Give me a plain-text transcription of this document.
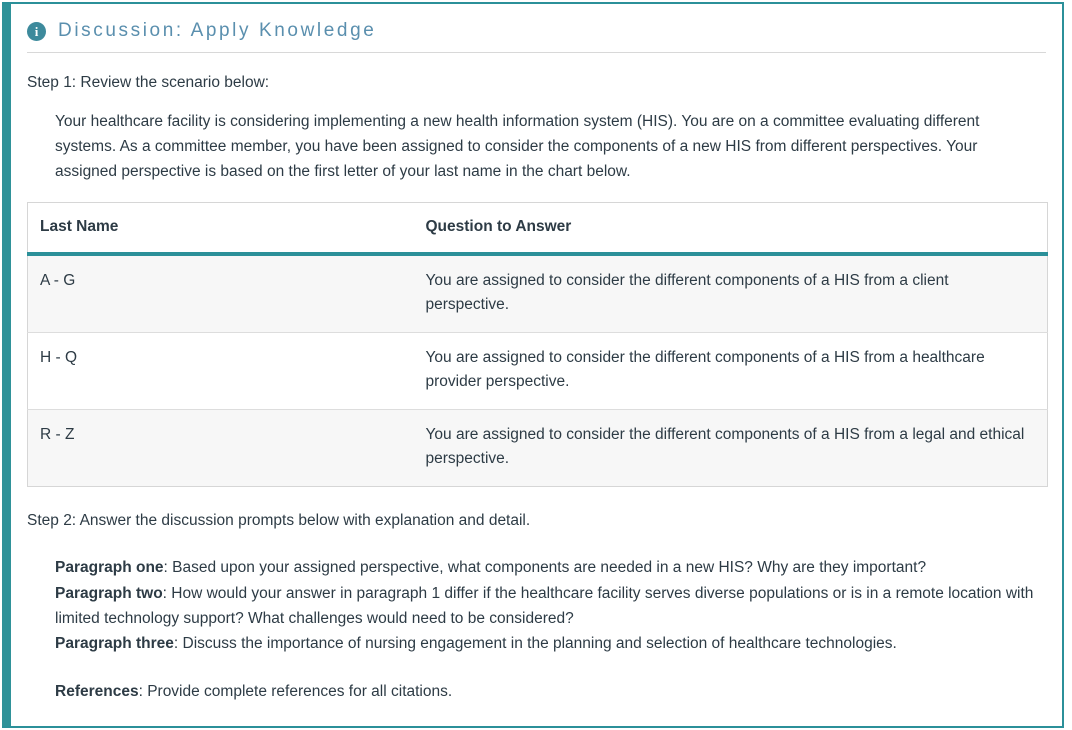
i	Discussion: Apply Knowledge

Step 1: Review the scenario below:

Your healthcare facility is considering implementing a new health information system (HIS). You are on a committee evaluating different systems. As a committee member, you have been assigned to consider the components of a new HIS from different perspectives. Your assigned perspective is based on the first letter of your last name in the chart below.

Last Name	Question to Answer
A - G	You are assigned to consider the different components of a HIS from a client perspective.
H - Q	You are assigned to consider the different components of a HIS from a healthcare provider perspective.
R - Z	You are assigned to consider the different components of a HIS from a legal and ethical perspective.

Step 2: Answer the discussion prompts below with explanation and detail.

Paragraph one: Based upon your assigned perspective, what components are needed in a new HIS? Why are they important?

Paragraph two: How would your answer in paragraph 1 differ if the healthcare facility serves diverse populations or is in a remote location with limited technology support? What challenges would need to be considered?

Paragraph three: Discuss the importance of nursing engagement in the planning and selection of healthcare technologies.

References: Provide complete references for all citations.
